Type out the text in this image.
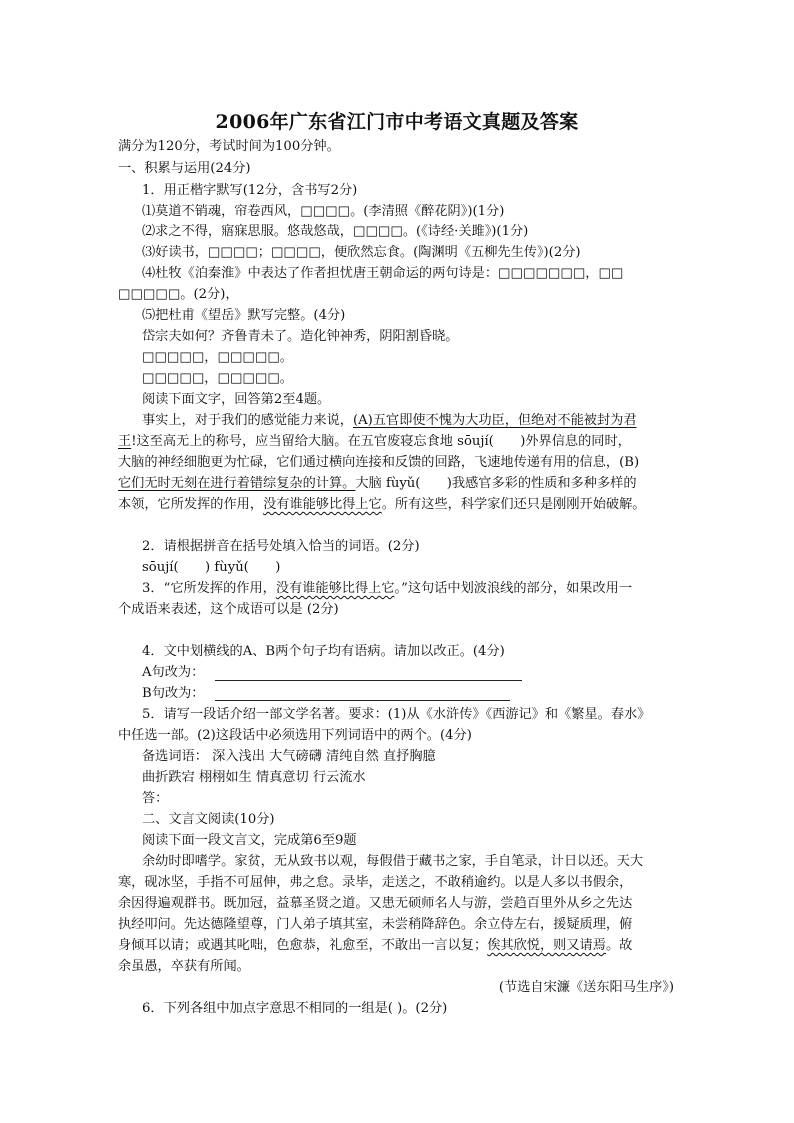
2006年广东省江门市中考语文真题及答案
满分为120分，考试时间为100分钟。
一、积累与运用(24分)
1．用正楷字默写(12分，含书写2分)
⑴莫道不销魂，帘卷西风，□□□□。(李清照《醉花阴》)(1分)
⑵求之不得，寤寐思服。悠哉悠哉，□□□□。(《诗经·关雎》)(1分)
⑶好读书，□□□□；□□□□，便欣然忘食。(陶渊明《五柳先生传》)(2分)
⑷杜牧《泊秦淮》中表达了作者担忧唐王朝命运的两句诗是：□□□□□□□，□□
□□□□□。(2分)，
⑸把杜甫《望岳》默写完整。(4分)
岱宗夫如何？齐鲁青未了。造化钟神秀，阴阳割昏晓。
□□□□□，□□□□□。
□□□□□，□□□□□。
阅读下面文字，回答第2至4题。
事实上，对于我们的感觉能力来说，(A)五官即使不愧为大功臣，但绝对不能被封为君
王!这至高无上的称号，应当留给大脑。在五官废寝忘食地 sōují(　　)外界信息的同时，
大脑的神经细胞更为忙碌，它们通过横向连接和反馈的回路，飞速地传递有用的信息，(B)
它们无时无刻在进行着错综复杂的计算。大脑 fùyǔ(　　)我感官多彩的性质和多种多样的
本领，它所发挥的作用，没有谁能够比得上它。所有这些，科学家们还只是刚刚开始破解。
2．请根据拼音在括号处填入恰当的词语。(2分)
sōují(　　) fùyǔ(　　)
3．“它所发挥的作用，没有谁能够比得上它。”这句话中划波浪线的部分，如果改用一
个成语来表述，这个成语可以是 (2分)
4．文中划横线的A、B两个句子均有语病。请加以改正。(4分)
A句改为：
B句改为：
5．请写一段话介绍一部文学名著。要求：(1)从《水浒传》《西游记》和《繁星。春水》
中任选一部。(2)这段话中必须选用下列词语中的两个。(4分)
备选词语： 深入浅出 大气磅礴 清纯自然 直抒胸臆
曲折跌宕 栩栩如生 情真意切 行云流水
答：
二、文言文阅读(10分)
阅读下面一段文言文，完成第6至9题
余幼时即嗜学。家贫，无从致书以观，每假借于藏书之家，手自笔录，计日以还。天大
寒，砚冰坚，手指不可屈伸，弗之怠。录毕，走送之，不敢稍逾约。以是人多以书假余，
余因得遍观群书。既加冠，益慕圣贤之道。又患无硕师名人与游，尝趋百里外从乡之先达
执经叩问。先达德隆望尊，门人弟子填其室，未尝稍降辞色。余立侍左右，援疑质理，俯
身倾耳以请；或遇其叱咄，色愈恭，礼愈至，不敢出一言以复；俟其欣悦，则又请焉。故
余虽愚，卒获有所闻。
(节选自宋濂《送东阳马生序》)
6．下列各组中加点字意思不相同的一组是( )。(2分)
